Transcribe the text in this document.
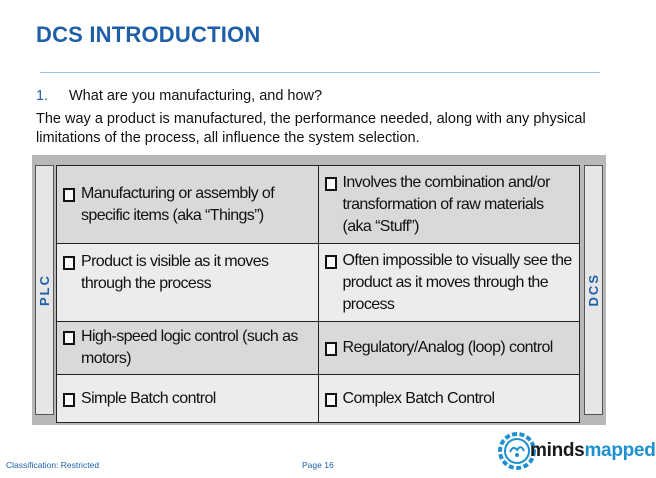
DCS INTRODUCTION
1. What are you manufacturing, and how?
The way a product is manufactured, the performance needed, along with any physical limitations of the process, all influence the system selection.
PLC
Manufacturing or assembly of specific items (aka “Things”)	Involves the combination and/or transformation of raw materials (aka “Stuff”)

Product is visible as it moves through the process	Often impossible to visually see the product as it moves through the process

High-speed logic control (such as motors)	Regulatory/Analog (loop) control

Simple Batch control	Complex Batch Control
DCS
Classification: Restricted	Page 16
mindsmapped
